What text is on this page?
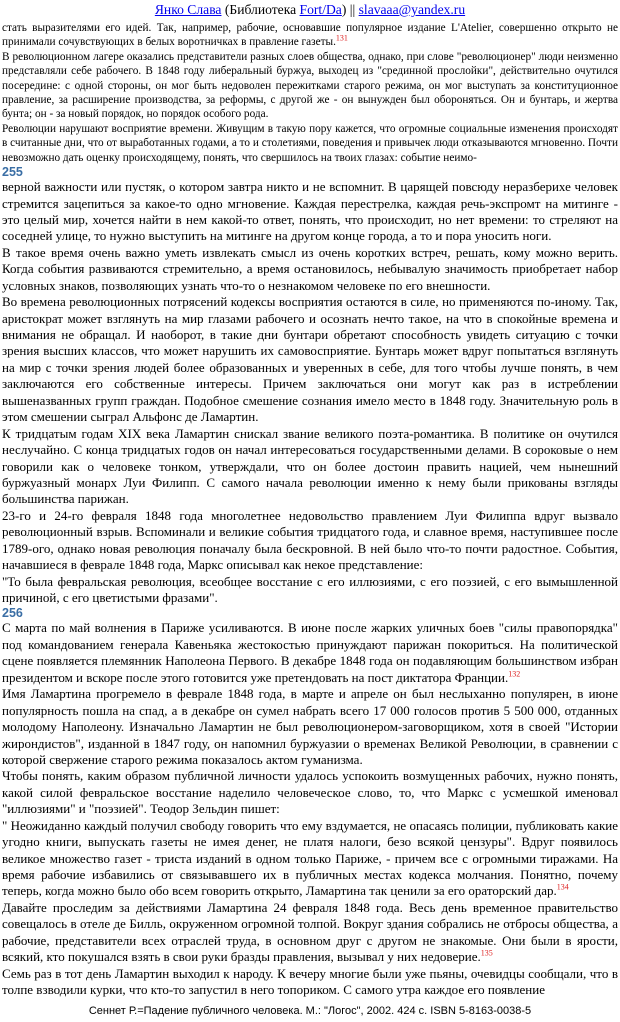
Янко Слава (Библиотека Fort/Da) || slavaaa@yandex.ru

стать выразителями его идей. Так, например, рабочие, основавшие популярное издание L'Atelier, совершенно открыто не принимали сочувствующих в белых воротничках в правление газеты.$^{131}$

В революционном лагере оказались представители разных слоев общества, однако, при слове "революционер" люди неизменно представляли себе рабочего. В 1848 году либеральный буржуа, выходец из "срединной прослойки", действительно очутился посередине: с одной стороны, он мог быть недоволен пережитками старого режима, он мог выступать за конституционное правление, за расширение производства, за реформы, с другой же - он вынужден был обороняться. Он и бунтарь, и жертва бунта; он - за новый порядок, но порядок особого рода.

Революции нарушают восприятие времени. Живущим в такую пору кажется, что огромные социальные изменения происходят в считанные дни, что от выработанных годами, а то и столетиями, поведения и привычек люди отказываются мгновенно. Почти невозможно дать оценку происходящему, понять, что свершилось на твоих глазах: событие неимо-

255

верной важности или пустяк, о котором завтра никто и не вспомнит. В царящей повсюду неразберихе человек стремится зацепиться за какое-то одно мгновение. Каждая перестрелка, каждая речь-экспромт на митинге - это целый мир, хочется найти в нем какой-то ответ, понять, что происходит, но нет времени: то стреляют на соседней улице, то нужно выступить на митинге на другом конце города, а то и пора уносить ноги.

В такое время очень важно уметь извлекать смысл из очень коротких встреч, решать, кому можно верить. Когда события развиваются стремительно, а время остановилось, небывалую значимость приобретает набор условных знаков, позволяющих узнать что-то о незнакомом человеке по его внешности.

Во времена революционных потрясений кодексы восприятия остаются в силе, но применяются по-иному. Так, аристократ может взглянуть на мир глазами рабочего и осознать нечто такое, на что в спокойные времена и внимания не обращал. И наоборот, в такие дни бунтари обретают способность увидеть ситуацию с точки зрения высших классов, что может нарушить их самовосприятие. Бунтарь может вдруг попытаться взглянуть на мир с точки зрения людей более образованных и уверенных в себе, для того чтобы лучше понять, в чем заключаются его собственные интересы. Причем заключаться они могут как раз в истреблении вышеназванных групп граждан. Подобное смешение сознания имело место в 1848 году. Значительную роль в этом смешении сыграл Альфонс де Ламартин.

К тридцатым годам XIX века Ламартин снискал звание великого поэта-романтика. В политике он очутился неслучайно. С конца тридцатых годов он начал интересоваться государственными делами. В сороковые о нем говорили как о человеке тонком, утверждали, что он более достоин править нацией, чем нынешний буржуазный монарх Луи Филипп. С самого начала революции именно к нему были прикованы взгляды большинства парижан.

23-го и 24-го февраля 1848 года многолетнее недовольство правлением Луи Филиппа вдруг вызвало революционный взрыв. Вспоминали и великие события тридцатого года, и славное время, наступившее после 1789-ого, однако новая революция поначалу была бескровной. В ней было что-то почти радостное. События, начавшиеся в феврале 1848 года, Маркс описывал как некое представление:

"То была февральская революция, всеобщее восстание с его иллюзиями, с его поэзией, с его вымышленной причиной, с его цветистыми фразами".

256

С марта по май волнения в Париже усиливаются. В июне после жарких уличных боев "силы правопорядка" под командованием генерала Кавеньяка жестокостью принуждают парижан покориться. На политической сцене появляется племянник Наполеона Первого. В декабре 1848 года он подавляющим большинством избран президентом и вскоре после этого готовится уже претендовать на пост диктатора Франции.$^{132}$

Имя Ламартина прогремело в феврале 1848 года, в марте и апреле он был неслыханно популярен, в июне популярность пошла на спад, а в декабре он сумел набрать всего 17 000 голосов против 5 500 000, отданных молодому Наполеону. Изначально Ламартин не был революционером-заговорщиком, хотя в своей "Истории жирондистов", изданной в 1847 году, он напомнил буржуазии о временах Великой Революции, в сравнении с которой свержение старого режима показалось актом гуманизма.

Чтобы понять, каким образом публичной личности удалось успокоить возмущенных рабочих, нужно понять, какой силой февральское восстание наделило человеческое слово, то, что Маркс с усмешкой именовал "иллюзиями" и "поэзией". Теодор Зельдин пишет:

" Неожиданно каждый получил свободу говорить что ему вздумается, не опасаясь полиции, публиковать какие угодно книги, выпускать газеты не имея денег, не платя налоги, безо всякой цензуры". Вдруг появилось великое множество газет - триста изданий в одном только Париже, - причем все с огромными тиражами. На время рабочие избавились от связывавшего их в публичных местах кодекса молчания. Понятно, почему теперь, когда можно было обо всем говорить открыто, Ламартина так ценили за его ораторский дар.$^{134}$

Давайте проследим за действиями Ламартина 24 февраля 1848 года. Весь день временное правительство совещалось в отеле де Билль, окруженном огромной толпой. Вокруг здания собрались не отбросы общества, а рабочие, представители всех отраслей труда, в основном друг с другом не знакомые. Они были в ярости, всякий, кто покушался взять в свои руки бразды правления, вызывал у них недоверие.$^{135}$

Семь раз в тот день Ламартин выходил к народу. К вечеру многие были уже пьяны, очевидцы сообщали, что в толпе взводили курки, что кто-то запустил в него топориком. С самого утра каждое его появление

Сеннет Р.=Падение публичного человека. М.: "Логос", 2002. 424 с. ISBN 5-8163-0038-5
